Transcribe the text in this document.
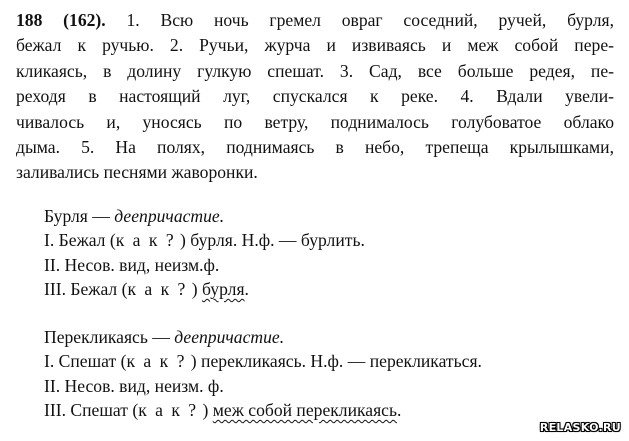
188 (162). 1. Всю ночь гремел овраг соседний, ручей, бурля,
бежал к ручью. 2. Ручьи, журча и извиваясь и меж собой пере-
кликаясь, в долину гулкую спешат. 3. Сад, все больше редея, пе-
реходя в настоящий луг, спускался к реке. 4. Вдали увели-
чивалось и, уносясь по ветру, поднималось голубоватое облако
дыма. 5. На полях, поднимаясь в небо, трепеща крылышками,
заливались песнями жаворонки.
Бурля — деепричастие.
I. Бежал (к а к ? ) бурля. Н.ф. — бурлить.
II. Несов. вид, неизм.ф.
III. Бежал (к а к ? ) бурля.
Перекликаясь — деепричастие.
I. Спешат (к а к ? ) перекликаясь. Н.ф. — перекликаться.
II. Несов. вид, неизм. ф.
III. Спешат (к а к ? ) меж собой перекликаясь.
RELASKO.RU
